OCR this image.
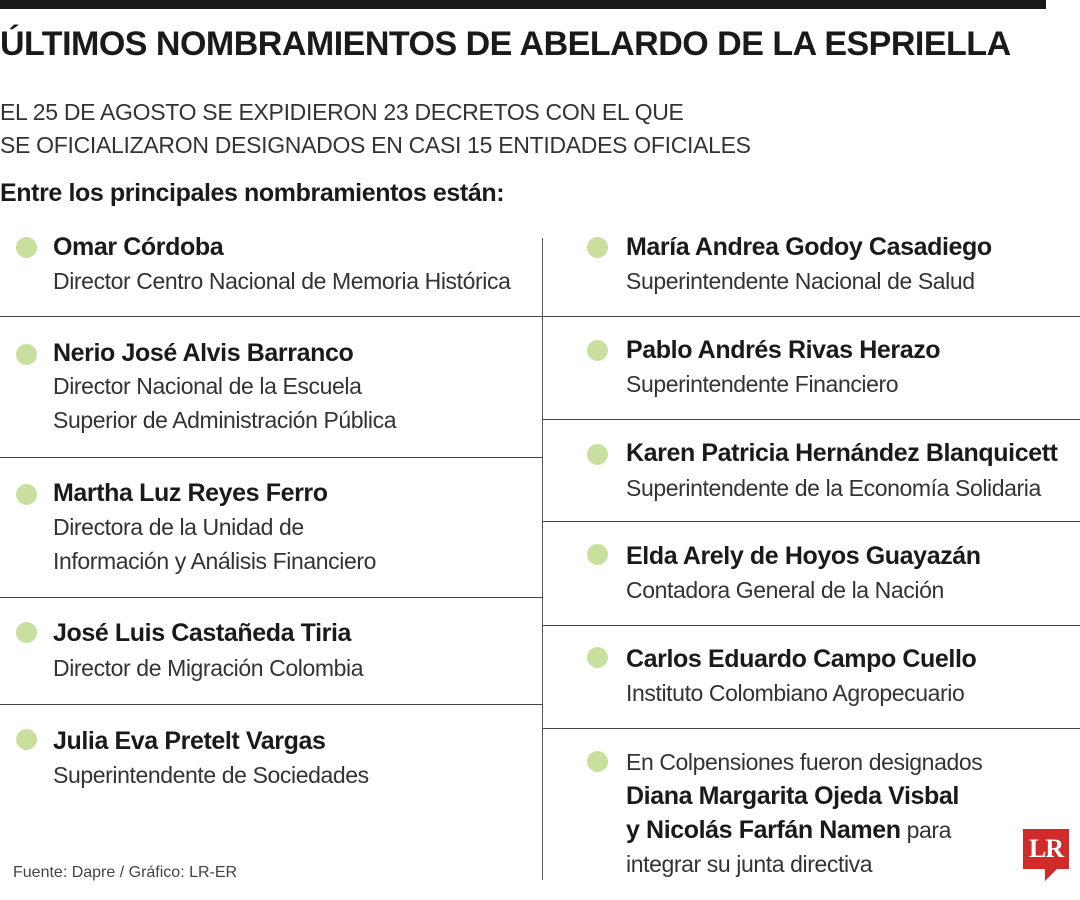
ÚLTIMOS NOMBRAMIENTOS DE ABELARDO DE LA ESPRIELLA
EL 25 DE AGOSTO SE EXPIDIERON 23 DECRETOS CON EL QUE
SE OFICIALIZARON DESIGNADOS EN CASI 15 ENTIDADES OFICIALES
Entre los principales nombramientos están:
Omar Córdoba
Director Centro Nacional de Memoria Histórica
Nerio José Alvis Barranco
Director Nacional de la Escuela
Superior de Administración Pública
Martha Luz Reyes Ferro
Directora de la Unidad de
Información y Análisis Financiero
José Luis Castañeda Tiria
Director de Migración Colombia
Julia Eva Pretelt Vargas
Superintendente de Sociedades
María Andrea Godoy Casadiego
Superintendente Nacional de Salud
Pablo Andrés Rivas Herazo
Superintendente Financiero
Karen Patricia Hernández Blanquicett
Superintendente de la Economía Solidaria
Elda Arely de Hoyos Guayazán
Contadora General de la Nación
Carlos Eduardo Campo Cuello
Instituto Colombiano Agropecuario
En Colpensiones fueron designados
Diana Margarita Ojeda Visbal
y Nicolás Farfán Namen para
integrar su junta directiva
Fuente: Dapre / Gráfico: LR-ER
LR
